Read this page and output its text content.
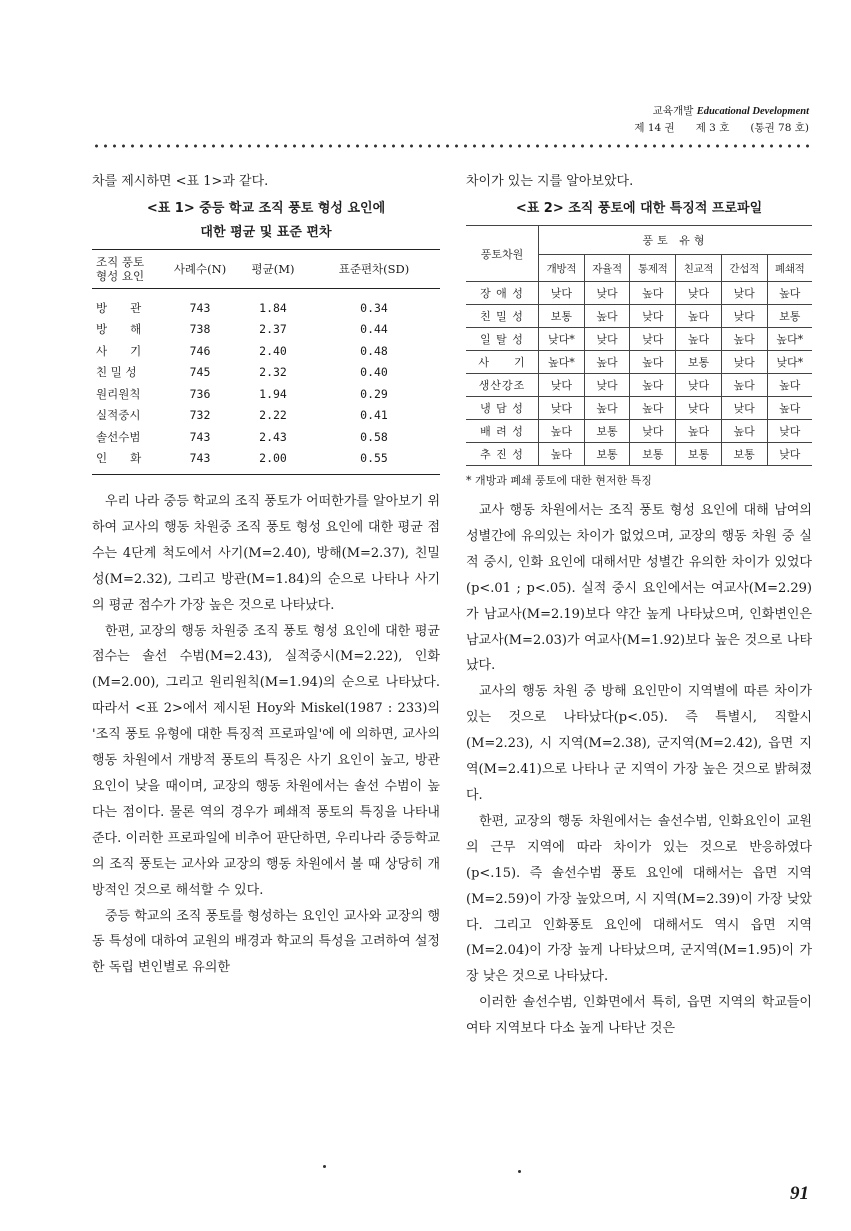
교육개발 Educational Development
제 14 권　　제 3 호　　(통권 78 호)

차를 제시하면 <표 1>과 같다.

<표 1> 중등 학교 조직 풍토 형성 요인에
대한 평균 및 표준 편차
조직 풍토
형성 요인	사례수(N)	평균(M)	표준편차(SD)
방　　관	743	1.84	0.34
방　　해	738	2.37	0.44
사　　기	746	2.40	0.48
친 밀 성	745	2.32	0.40
원리원칙	736	1.94	0.29
실적중시	732	2.22	0.41
솔선수범	743	2.43	0.58
인　　화	743	2.00	0.55

우리 나라 중등 학교의 조직 풍토가 어떠한가를 알아보기 위하여 교사의 행동 차원중 조직 풍토 형성 요인에 대한 평균 점수는 4단계 척도에서 사기(M=2.40), 방해(M=2.37), 친밀성(M=2.32), 그리고 방관(M=1.84)의 순으로 나타나 사기의 평균 점수가 가장 높은 것으로 나타났다.

한편, 교장의 행동 차원중 조직 풍토 형성 요인에 대한 평균 점수는 솔선 수범(M=2.43), 실적중시(M=2.22), 인화(M=2.00), 그리고 원리원칙(M=1.94)의 순으로 나타났다. 따라서 <표 2>에서 제시된 Hoy와 Miskel(1987 : 233)의 '조직 풍토 유형에 대한 특징적 프로파일'에 에 의하면, 교사의 행동 차원에서 개방적 풍토의 특징은 사기 요인이 높고, 방관 요인이 낮을 때이며, 교장의 행동 차원에서는 솔선 수범이 높다는 점이다. 물론 역의 경우가 폐쇄적 풍토의 특징을 나타내 준다. 이러한 프로파일에 비추어 판단하면, 우리나라 중등학교의 조직 풍토는 교사와 교장의 행동 차원에서 볼 때 상당히 개방적인 것으로 해석할 수 있다.

중등 학교의 조직 풍토를 형성하는 요인인 교사와 교장의 행동 특성에 대하여 교원의 배경과 학교의 특성을 고려하여 설정한 독립 변인별로 유의한

차이가 있는 지를 알아보았다.

<표 2> 조직 풍토에 대한 특징적 프로파일
풍토차원	풍토 유형					
	개방적	자율적	통제적	친교적	간섭적	폐쇄적
장 애 성	낮다	낮다	높다	낮다	낮다	높다
친 밀 성	보통	높다	낮다	높다	낮다	보통
일 탈 성	낮다*	낮다	낮다	높다	높다	높다*
사　　기	높다*	높다	높다	보통	낮다	낮다*
생산강조	낮다	낮다	높다	낮다	높다	높다
냉 담 성	낮다	높다	높다	낮다	낮다	높다
배 려 성	높다	보통	낮다	높다	높다	낮다
추 진 성	높다	보통	보통	보통	보통	낮다
* 개방과 폐쇄 풍토에 대한 현저한 특징

교사 행동 차원에서는 조직 풍토 형성 요인에 대해 남여의 성별간에 유의있는 차이가 없었으며, 교장의 행동 차원 중 실적 중시, 인화 요인에 대해서만 성별간 유의한 차이가 있었다(p<.01 ; p<.05). 실적 중시 요인에서는 여교사(M=2.29)가 남교사(M=2.19)보다 약간 높게 나타났으며, 인화변인은 남교사(M=2.03)가 여교사(M=1.92)보다 높은 것으로 나타났다.

교사의 행동 차원 중 방해 요인만이 지역별에 따른 차이가 있는 것으로 나타났다(p<.05). 즉 특별시, 직할시(M=2.23), 시 지역(M=2.38), 군지역(M=2.42), 읍면 지역(M=2.41)으로 나타나 군 지역이 가장 높은 것으로 밝혀졌다.

한편, 교장의 행동 차원에서는 솔선수범, 인화요인이 교원의 근무 지역에 따라 차이가 있는 것으로 반응하였다(p<.15). 즉 솔선수범 풍토 요인에 대해서는 읍면 지역(M=2.59)이 가장 높았으며, 시 지역(M=2.39)이 가장 낮았다. 그리고 인화풍토 요인에 대해서도 역시 읍면 지역(M=2.04)이 가장 높게 나타났으며, 군지역(M=1.95)이 가장 낮은 것으로 나타났다.

이러한 솔선수범, 인화면에서 특히, 읍면 지역의 학교들이 여타 지역보다 다소 높게 나타난 것은

91
